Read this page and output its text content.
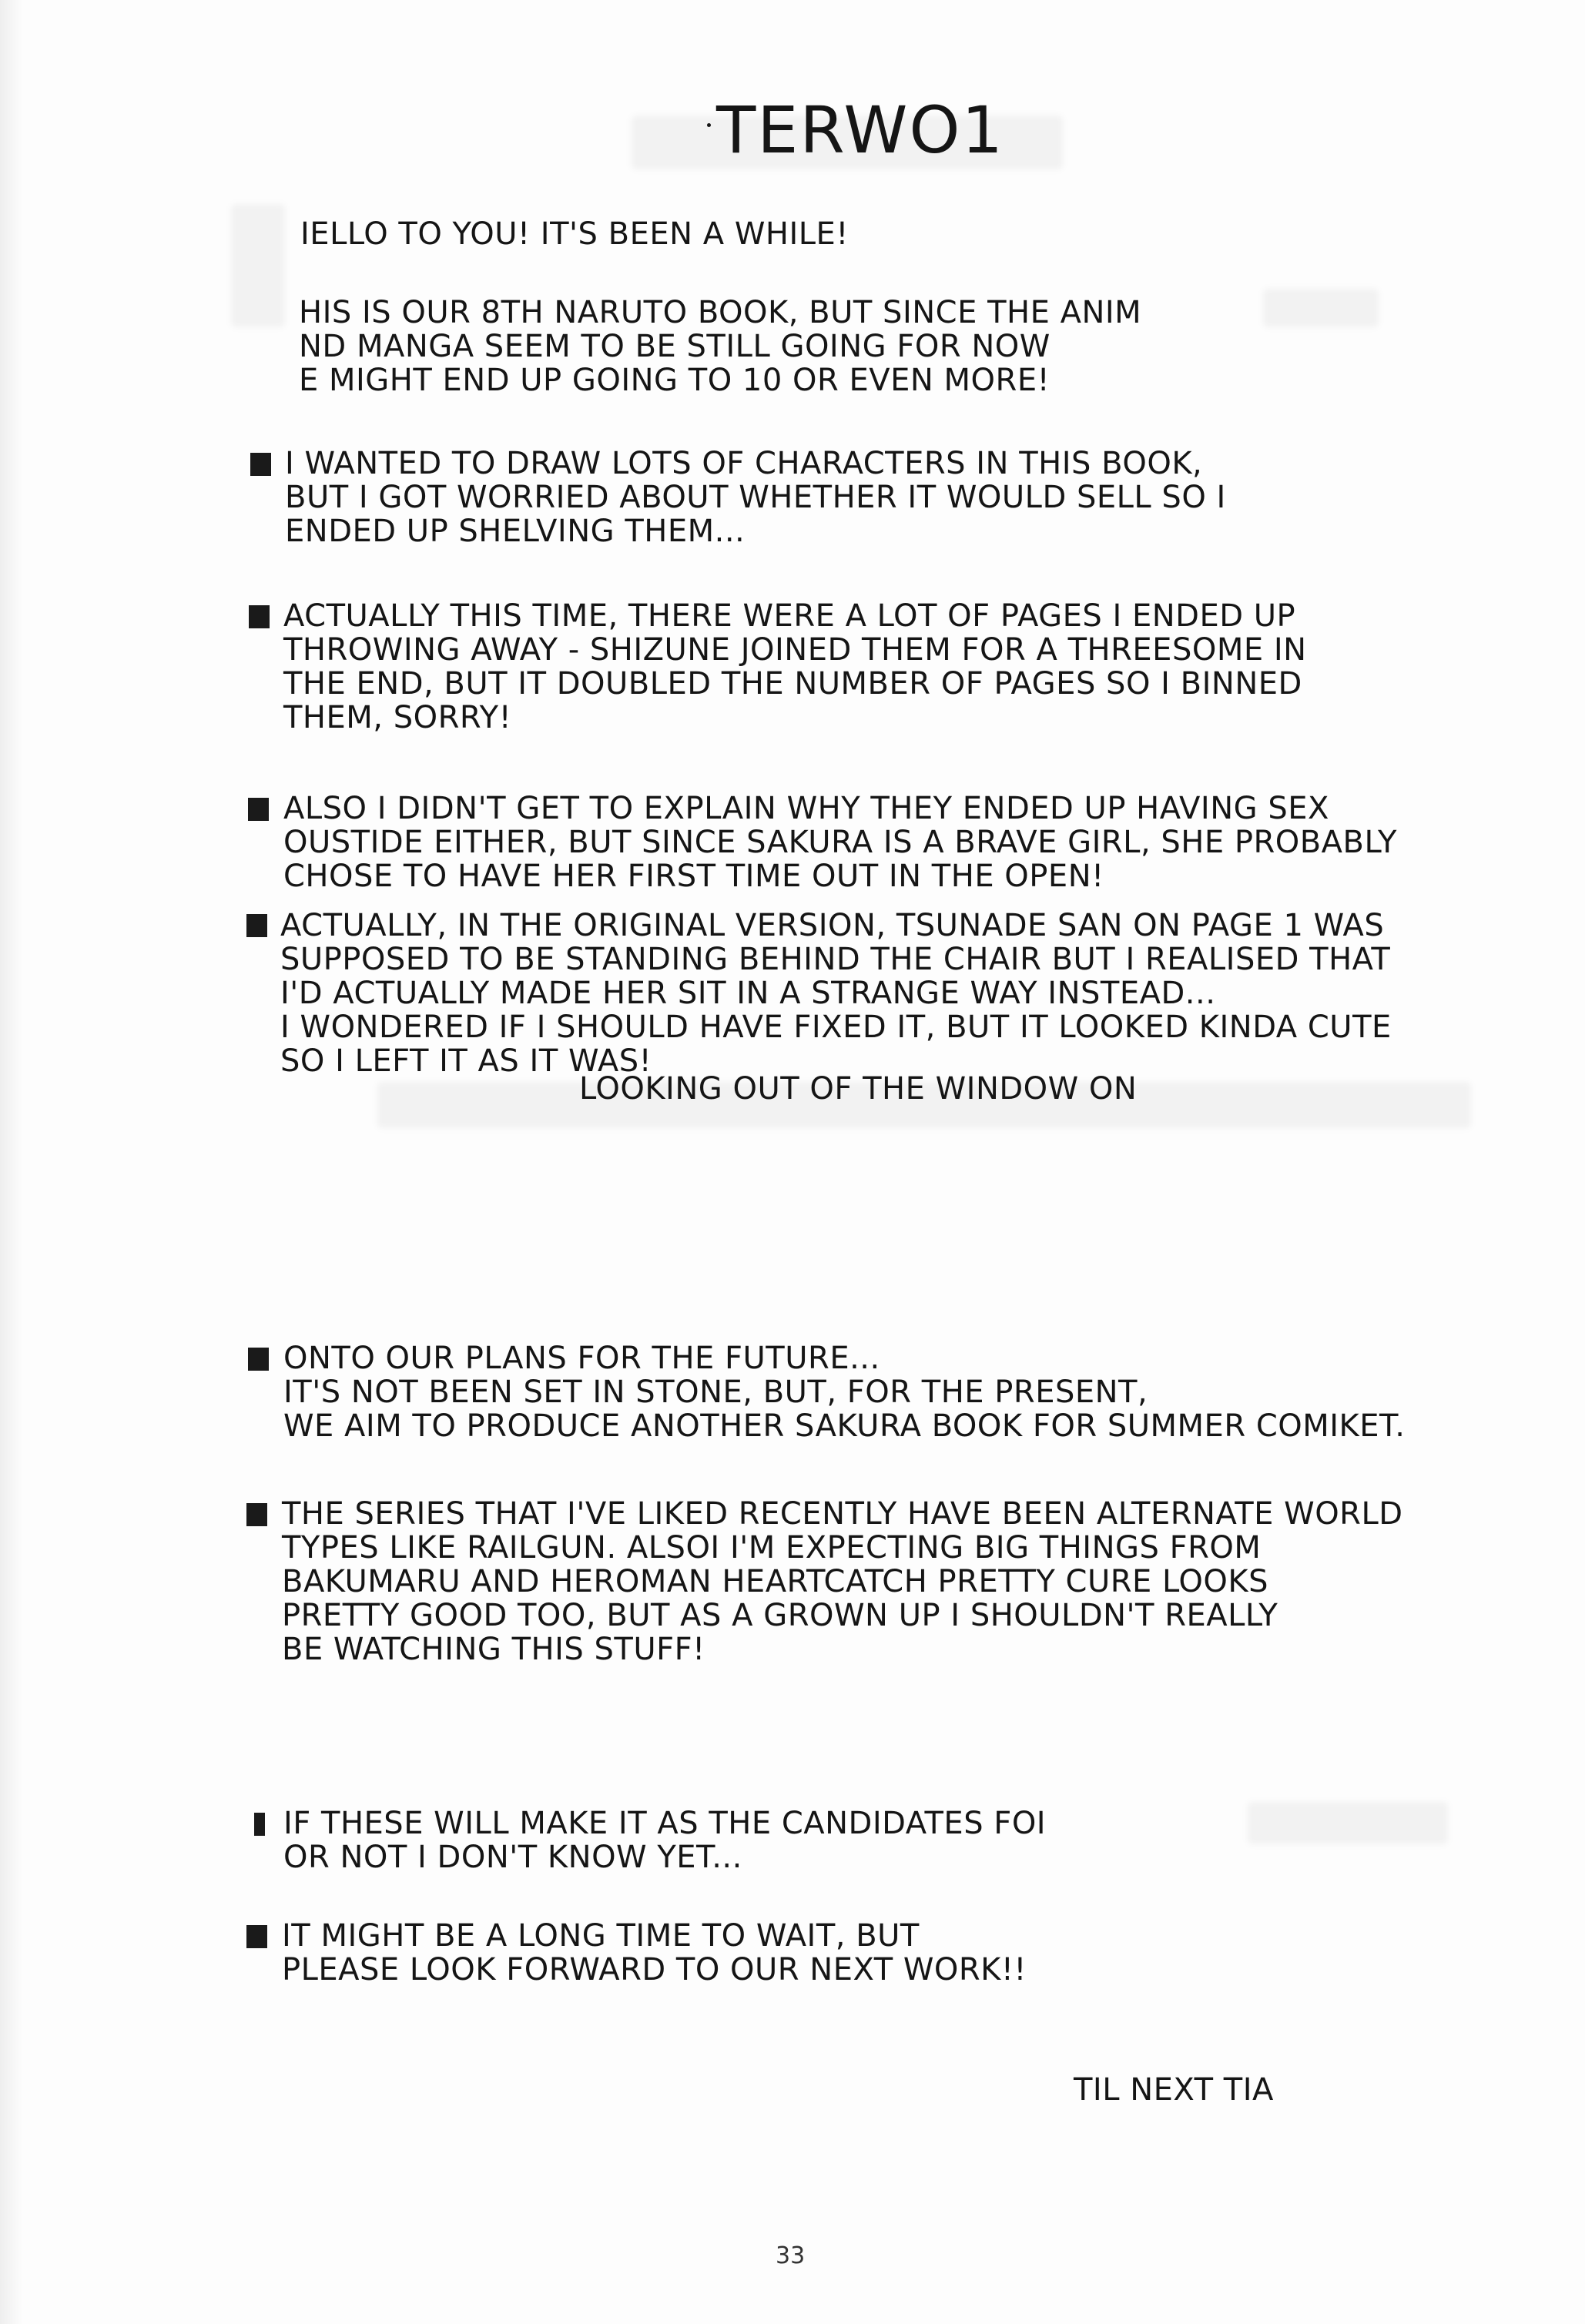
TERWO1
IELLO TO YOU! IT'S BEEN A WHILE!
HIS IS OUR 8TH NARUTO BOOK, BUT SINCE THE ANIM
ND MANGA SEEM TO BE STILL GOING FOR NOW
E MIGHT END UP GOING TO 10 OR EVEN MORE!
I WANTED TO DRAW LOTS OF CHARACTERS IN THIS BOOK,
BUT I GOT WORRIED ABOUT WHETHER IT WOULD SELL SO I
ENDED UP SHELVING THEM...
ACTUALLY THIS TIME, THERE WERE A LOT OF PAGES I ENDED UP
THROWING AWAY - SHIZUNE JOINED THEM FOR A THREESOME IN
THE END, BUT IT DOUBLED THE NUMBER OF PAGES SO I BINNED
THEM, SORRY!
ALSO I DIDN'T GET TO EXPLAIN WHY THEY ENDED UP HAVING SEX
OUSTIDE EITHER, BUT SINCE SAKURA IS A BRAVE GIRL, SHE PROBABLY
CHOSE TO HAVE HER FIRST TIME OUT IN THE OPEN!
ACTUALLY, IN THE ORIGINAL VERSION, TSUNADE SAN ON PAGE 1 WAS
SUPPOSED TO BE STANDING BEHIND THE CHAIR BUT I REALISED THAT
I'D ACTUALLY MADE HER SIT IN A STRANGE WAY INSTEAD...
I WONDERED IF I SHOULD HAVE FIXED IT, BUT IT LOOKED KINDA CUTE
SO I LEFT IT AS IT WAS!
LOOKING OUT OF THE WINDOW ON
ONTO OUR PLANS FOR THE FUTURE...
IT'S NOT BEEN SET IN STONE, BUT, FOR THE PRESENT,
WE AIM TO PRODUCE ANOTHER SAKURA BOOK FOR SUMMER COMIKET.
THE SERIES THAT I'VE LIKED RECENTLY HAVE BEEN ALTERNATE WORLD
TYPES LIKE RAILGUN. ALSOI I'M EXPECTING BIG THINGS FROM
BAKUMARU AND HEROMAN HEARTCATCH PRETTY CURE LOOKS
PRETTY GOOD TOO, BUT AS A GROWN UP I SHOULDN'T REALLY
BE WATCHING THIS STUFF!
IF THESE WILL MAKE IT AS THE CANDIDATES FOI
OR NOT I DON'T KNOW YET...
IT MIGHT BE A LONG TIME TO WAIT, BUT
PLEASE LOOK FORWARD TO OUR NEXT WORK!!
TIL NEXT TIA
33
